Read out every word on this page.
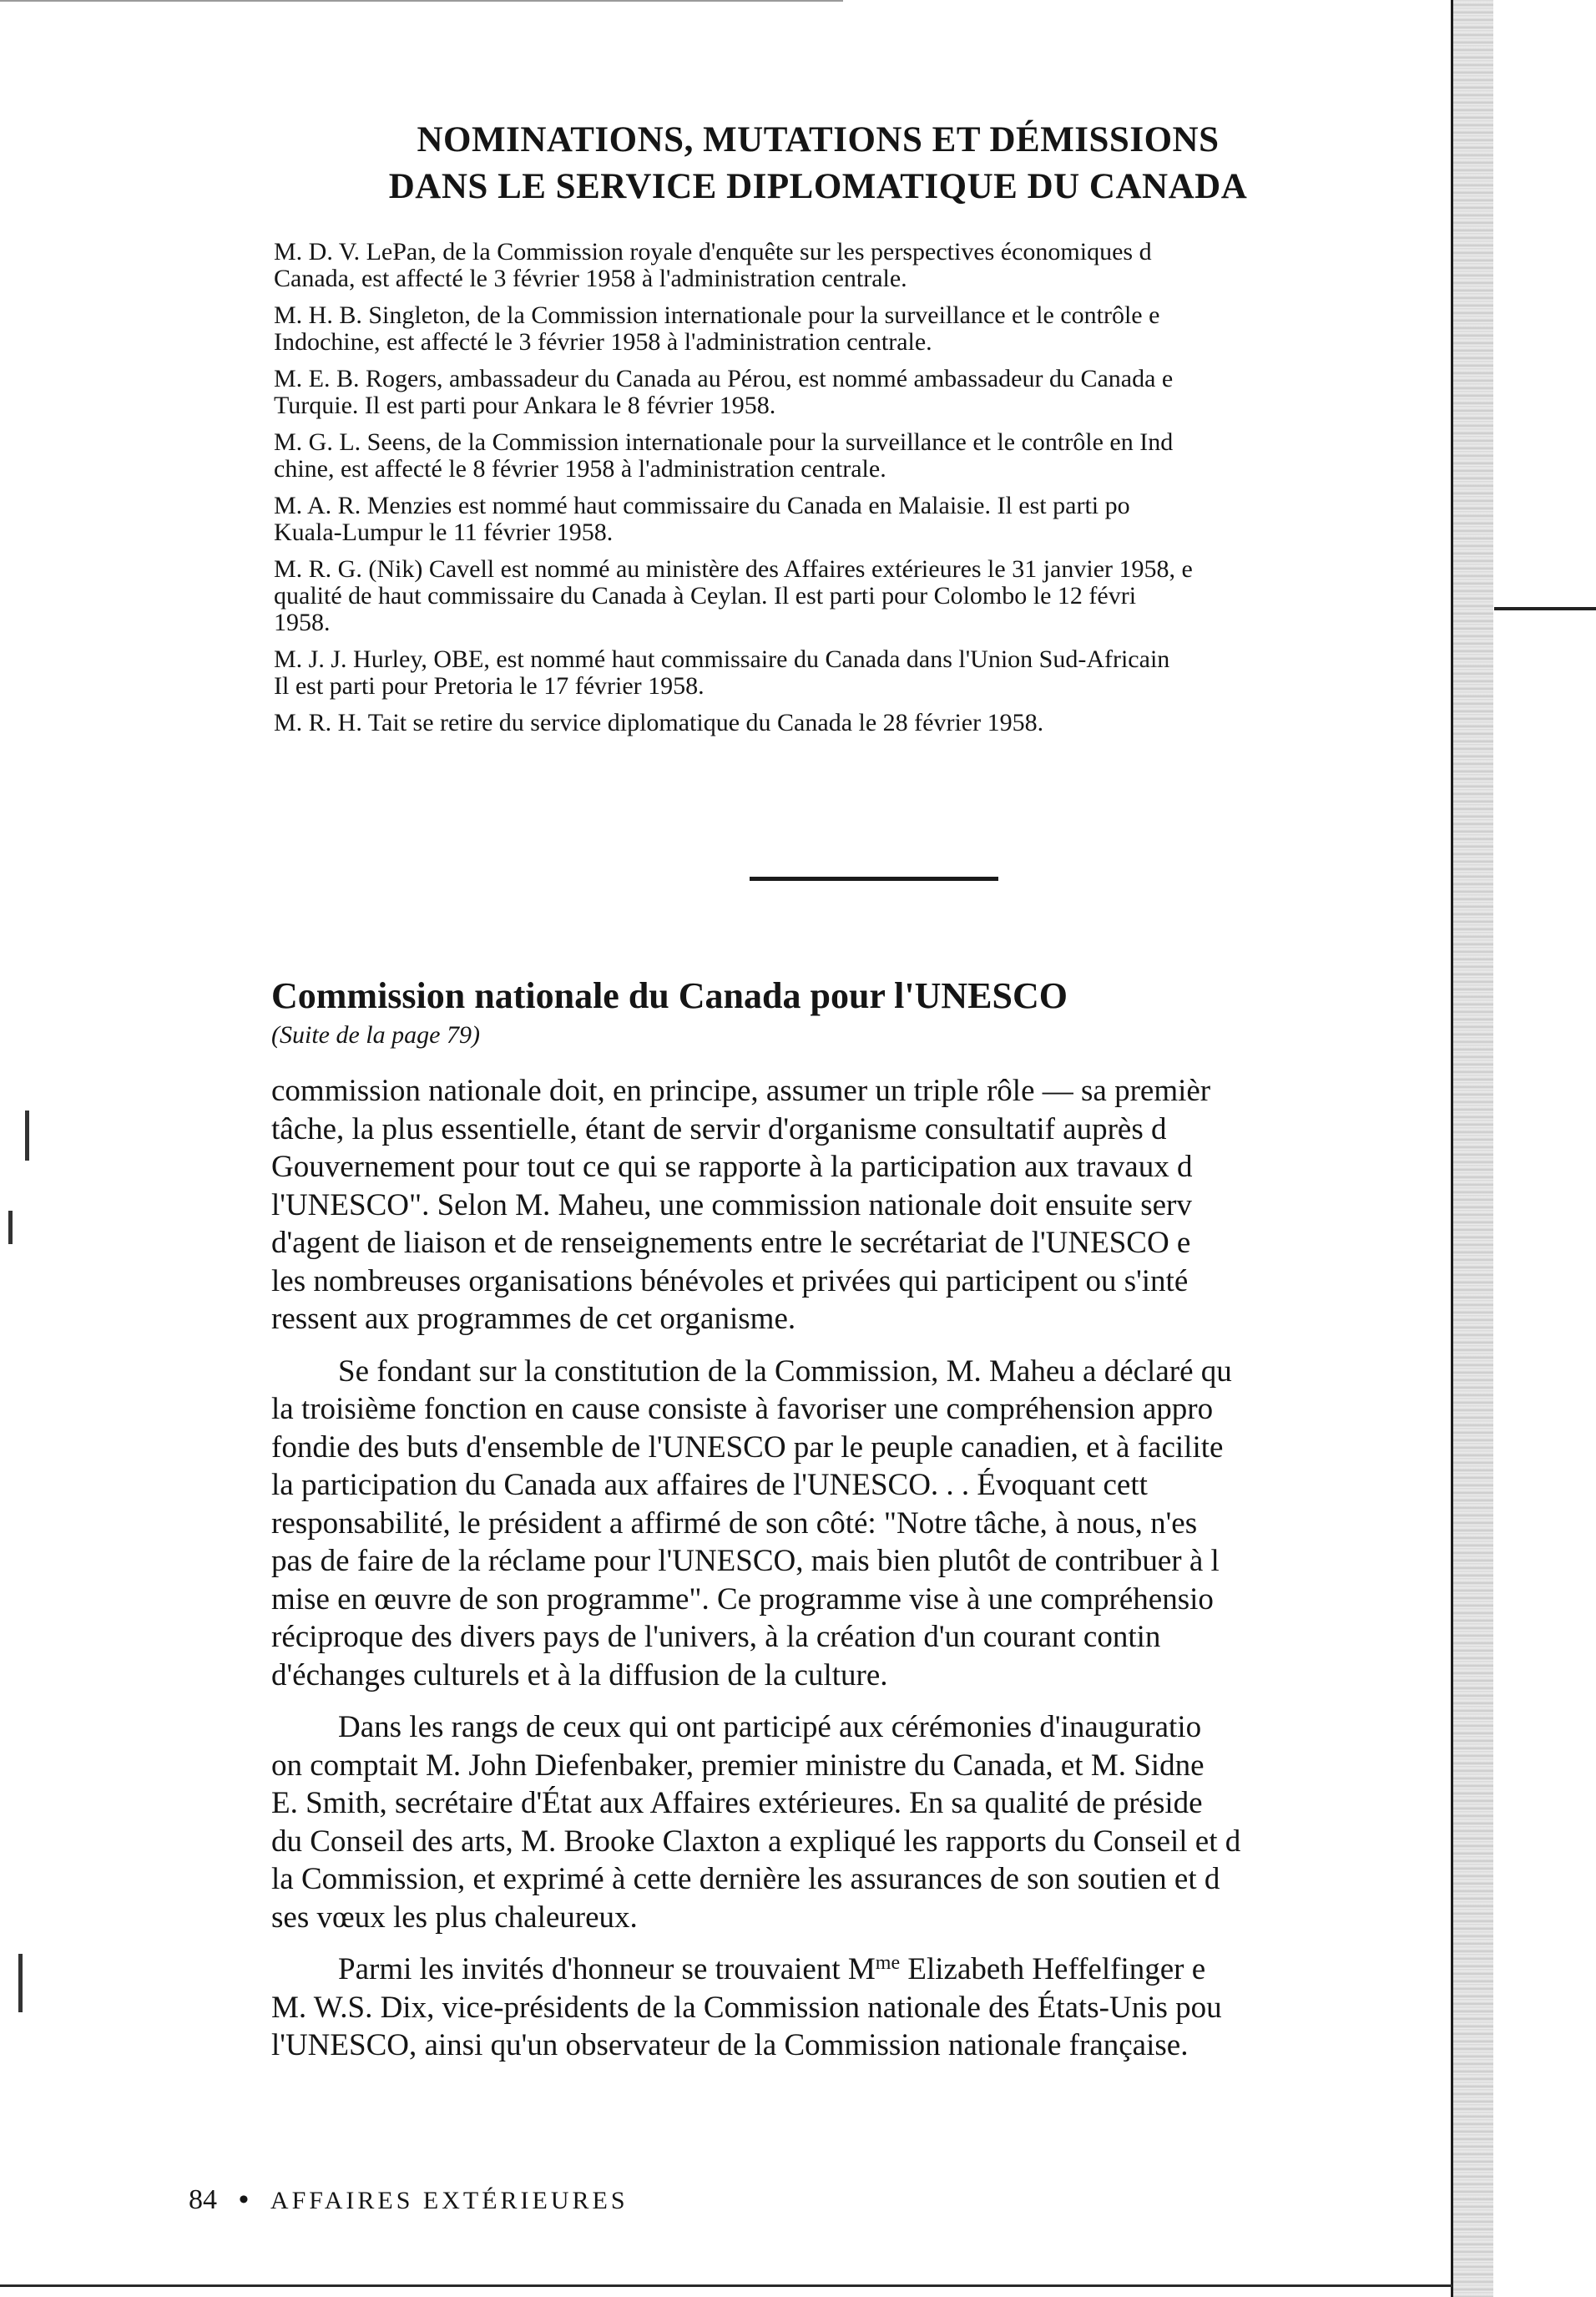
NOMINATIONS, MUTATIONS ET DÉMISSIONS
DANS LE SERVICE DIPLOMATIQUE DU CANADA
M. D. V. LePan, de la Commission royale d'enquête sur les perspectives économiques d
Canada, est affecté le 3 février 1958 à l'administration centrale.
M. H. B. Singleton, de la Commission internationale pour la surveillance et le contrôle e
Indochine, est affecté le 3 février 1958 à l'administration centrale.
M. E. B. Rogers, ambassadeur du Canada au Pérou, est nommé ambassadeur du Canada e
Turquie. Il est parti pour Ankara le 8 février 1958.
M. G. L. Seens, de la Commission internationale pour la surveillance et le contrôle en Ind
chine, est affecté le 8 février 1958 à l'administration centrale.
M. A. R. Menzies est nommé haut commissaire du Canada en Malaisie. Il est parti po
Kuala-Lumpur le 11 février 1958.
M. R. G. (Nik) Cavell est nommé au ministère des Affaires extérieures le 31 janvier 1958, e
qualité de haut commissaire du Canada à Ceylan. Il est parti pour Colombo le 12 févri
1958.
M. J. J. Hurley, OBE, est nommé haut commissaire du Canada dans l'Union Sud-Africain
Il est parti pour Pretoria le 17 février 1958.
M. R. H. Tait se retire du service diplomatique du Canada le 28 février 1958.
Commission nationale du Canada pour l'UNESCO
(Suite de la page 79)
commission nationale doit, en principe, assumer un triple rôle — sa premièr
tâche, la plus essentielle, étant de servir d'organisme consultatif auprès d
Gouvernement pour tout ce qui se rapporte à la participation aux travaux d
l'UNESCO". Selon M. Maheu, une commission nationale doit ensuite serv
d'agent de liaison et de renseignements entre le secrétariat de l'UNESCO e
les nombreuses organisations bénévoles et privées qui participent ou s'inté
ressent aux programmes de cet organisme.
Se fondant sur la constitution de la Commission, M. Maheu a déclaré qu
la troisième fonction en cause consiste à favoriser une compréhension appro
fondie des buts d'ensemble de l'UNESCO par le peuple canadien, et à facilite
la participation du Canada aux affaires de l'UNESCO. . . Évoquant cett
responsabilité, le président a affirmé de son côté: "Notre tâche, à nous, n'es
pas de faire de la réclame pour l'UNESCO, mais bien plutôt de contribuer à l
mise en œuvre de son programme". Ce programme vise à une compréhensio
réciproque des divers pays de l'univers, à la création d'un courant contin
d'échanges culturels et à la diffusion de la culture.
Dans les rangs de ceux qui ont participé aux cérémonies d'inauguratio
on comptait M. John Diefenbaker, premier ministre du Canada, et M. Sidne
E. Smith, secrétaire d'État aux Affaires extérieures. En sa qualité de préside
du Conseil des arts, M. Brooke Claxton a expliqué les rapports du Conseil et d
la Commission, et exprimé à cette dernière les assurances de son soutien et d
ses vœux les plus chaleureux.
Parmi les invités d'honneur se trouvaient $M^{me}$ Elizabeth Heffelfinger e
M. W.S. Dix, vice-présidents de la Commission nationale des États-Unis pou
l'UNESCO, ainsi qu'un observateur de la Commission nationale française.
84 • AFFAIRES EXTÉRIEURES
